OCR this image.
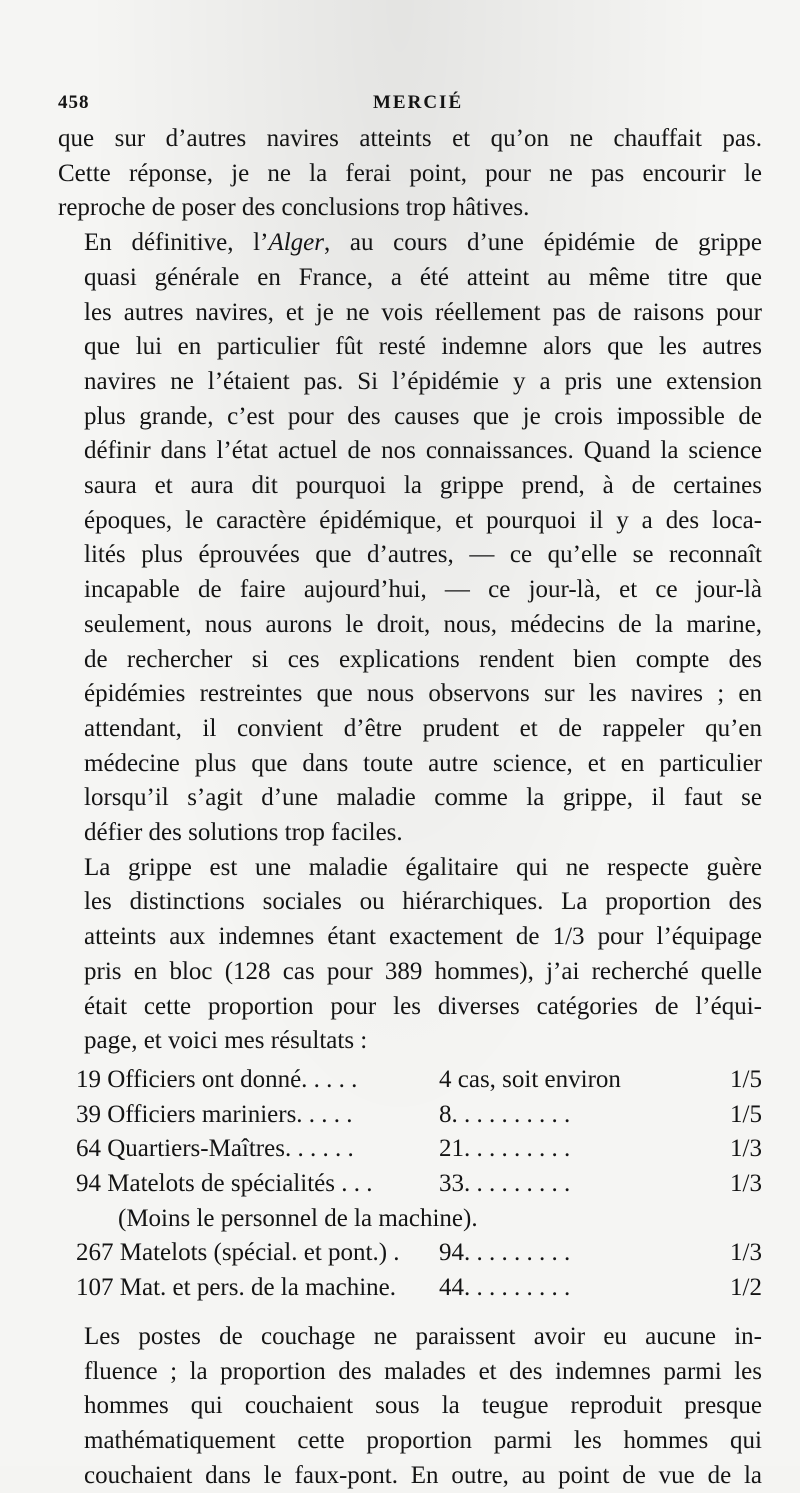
458	MERCIÉ

que sur d’autres navires atteints et qu’on ne chauffait pas.
Cette réponse, je ne la ferai point, pour ne pas encourir le
reproche de poser des conclusions trop hâtives.

En définitive, l’Alger, au cours d’une épidémie de grippe
quasi générale en France, a été atteint au même titre que
les autres navires, et je ne vois réellement pas de raisons pour
que lui en particulier fût resté indemne alors que les autres
navires ne l’étaient pas. Si l’épidémie y a pris une extension
plus grande, c’est pour des causes que je crois impossible de
définir dans l’état actuel de nos connaissances. Quand la science
saura et aura dit pourquoi la grippe prend, à de certaines
époques, le caractère épidémique, et pourquoi il y a des loca-
lités plus éprouvées que d’autres, — ce qu’elle se reconnaît
incapable de faire aujourd’hui, — ce jour-là, et ce jour-là
seulement, nous aurons le droit, nous, médecins de la marine,
de rechercher si ces explications rendent bien compte des
épidémies restreintes que nous observons sur les navires ; en
attendant, il convient d’être prudent et de rappeler qu’en
médecine plus que dans toute autre science, et en particulier
lorsqu’il s’agit d’une maladie comme la grippe, il faut se
défier des solutions trop faciles.

La grippe est une maladie égalitaire qui ne respecte guère
les distinctions sociales ou hiérarchiques. La proportion des
atteints aux indemnes étant exactement de 1/3 pour l’équipage
pris en bloc (128 cas pour 389 hommes), j’ai recherché quelle
était cette proportion pour les diverses catégories de l’équi-
page, et voici mes résultats :

19 Officiers ont donné. . . . .	4 cas, soit environ	1/5
39 Officiers mariniers. . . . .	8. . . . . . . . . .	1/5
64 Quartiers-Maîtres. . . . . .	21. . . . . . . . .	1/3
94 Matelots de spécialités . . .	33. . . . . . . . .	1/3
(Moins le personnel de la machine).
267 Matelots (spécial. et pont.) . 94. . . . . . . . .	1/3
107 Mat. et pers. de la machine. 44. . . . . . . . .	1/2

Les postes de couchage ne paraissent avoir eu aucune in-
fluence ; la proportion des malades et des indemnes parmi les
hommes qui couchaient sous la teugue reproduit presque
mathématiquement cette proportion parmi les hommes qui
couchaient dans le faux-pont. En outre, au point de vue de la
